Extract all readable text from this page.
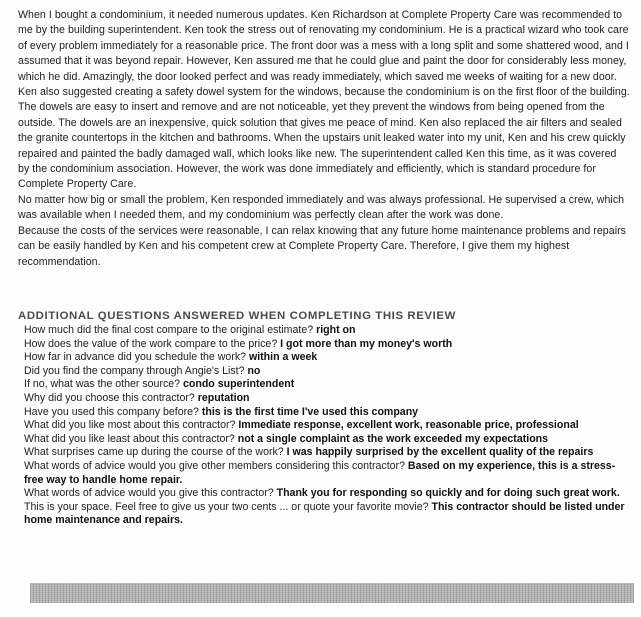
When I bought a condominium, it needed numerous updates. Ken Richardson at Complete Property Care was recommended to me by the building superintendent. Ken took the stress out of renovating my condominium. He is a practical wizard who took care of every problem immediately for a reasonable price. The front door was a mess with a long split and some shattered wood, and I assumed that it was beyond repair. However, Ken assured me that he could glue and paint the door for considerably less money, which he did. Amazingly, the door looked perfect and was ready immediately, which saved me weeks of waiting for a new door.

Ken also suggested creating a safety dowel system for the windows, because the condominium is on the first floor of the building. The dowels are easy to insert and remove and are not noticeable, yet they prevent the windows from being opened from the outside. The dowels are an inexpensive, quick solution that gives me peace of mind. Ken also replaced the air filters and sealed the granite countertops in the kitchen and bathrooms. When the upstairs unit leaked water into my unit, Ken and his crew quickly repaired and painted the badly damaged wall, which looks like new. The superintendent called Ken this time, as it was covered by the condominium association. However, the work was done immediately and efficiently, which is standard procedure for Complete Property Care.

No matter how big or small the problem, Ken responded immediately and was always professional. He supervised a crew, which was available when I needed them, and my condominium was perfectly clean after the work was done.

Because the costs of the services were reasonable, I can relax knowing that any future home maintenance problems and repairs can be easily handled by Ken and his competent crew at Complete Property Care. Therefore, I give them my highest recommendation.

ADDITIONAL QUESTIONS ANSWERED WHEN COMPLETING THIS REVIEW
How much did the final cost compare to the original estimate? right on
How does the value of the work compare to the price? I got more than my money's worth
How far in advance did you schedule the work? within a week
Did you find the company through Angie's List? no
If no, what was the other source? condo superintendent
Why did you choose this contractor? reputation
Have you used this company before? this is the first time I've used this company
What did you like most about this contractor? Immediate response, excellent work, reasonable price, professional
What did you like least about this contractor? not a single complaint as the work exceeded my expectations
What surprises came up during the course of the work? I was happily surprised by the excellent quality of the repairs
What words of advice would you give other members considering this contractor? Based on my experience, this is a stress-free way to handle home repair.
What words of advice would you give this contractor? Thank you for responding so quickly and for doing such great work.
This is your space. Feel free to give us your two cents ... or quote your favorite movie? This contractor should be listed under home maintenance and repairs.
